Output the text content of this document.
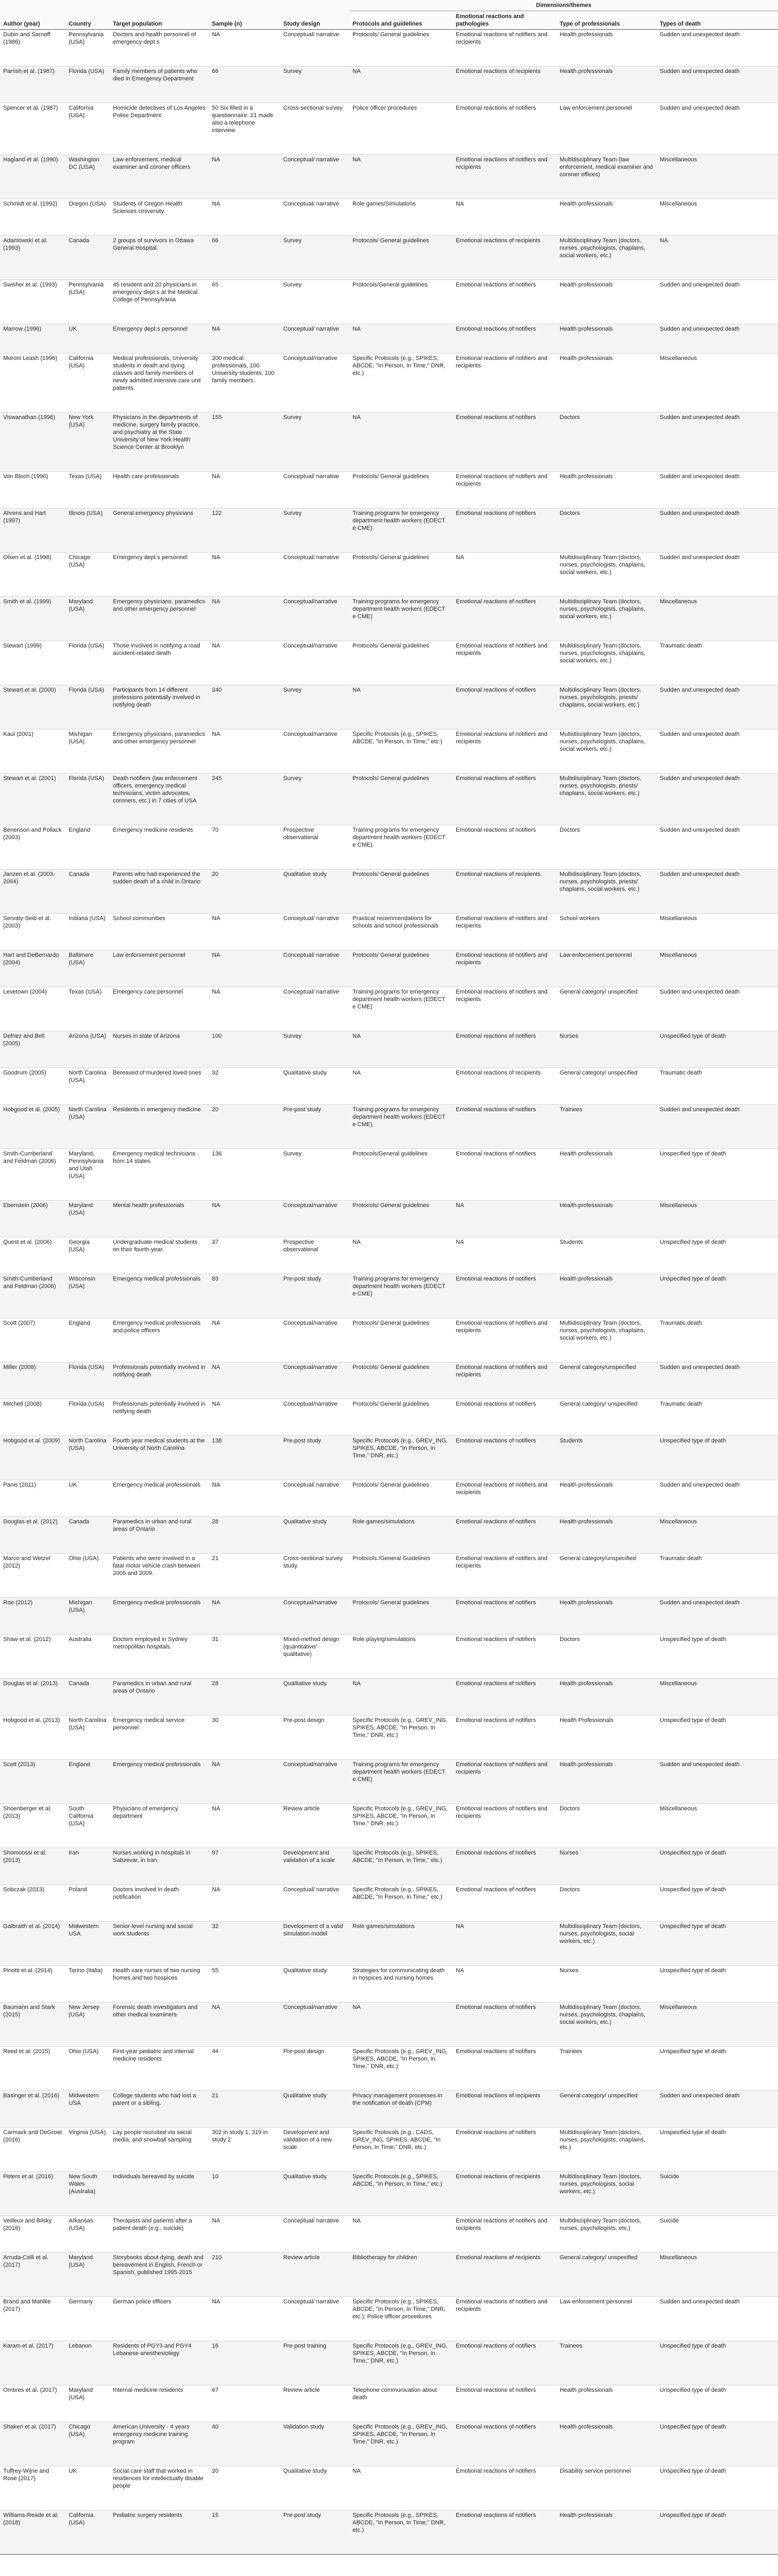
Author (year)	Country	Target population	Sample (n)	Study design	Dimensions/themes			
					Protocols and guidelines	Emotional reactions and pathologies	Type of professionals	Types of death
Dubin and Sarnoff (1986)	Pennsylvania (USA)	Doctors and health personnel of emergency dept.s	NA	Conceptual/ narrative	Protocols/ General guidelines	Emotional reactions of notifiers and recipients	Health professionals	Sudden and unexpected death
Parrish et al. (1987)	Florida (USA)	Family members of patients who died in Emergency Department	66	Survey	NA	Emotional reactions of recipients	Health professionals	Sudden and unexpected death
Spencer et al. (1987)	California (USA)	Homicide detectives of Los Angeles Police Department	50 Six filled in a questionnaire. 21 made also a telephone interview	Cross-sectional survey	Police officer procedures	Emotional reactions of notifiers	Law enforcement personnel	Sudden and unexpected death
Hagland et al. (1990)	Washington DC (USA)	Law enforcement, medical examiner and coroner officers	NA	Conceptual/ narrative	NA	Emotional reactions of notifiers and recipients	Multidisciplinary Team (law enforcement, medical examiner and coroner offices)	Miscellaneous
Schmidt et al. (1992)	Oregon (USA)	Students of Oregon Health Sciences University	NA	Conceptual/ narrative	Role games/Simulations	NA	Health professionals	Miscellaneous
Adamowski et al. (1993)	Canada	2 groups of survivors in Ottawa General Hospital.	66	Survey	Protocols/ General guidelines	Emotional reactions of recipients	Multidisciplinary Team (doctors, nurses, psychologists, chaplains, social workers, etc.)	NA
Swisher et al. (1993)	Pennsylvania (USA)	45 resident and 20 physicians in emergency dept.s at the Medical College of Pennsylvania	65	Survey	Protocols/General guidelines	Emotional reactions of notifiers	Health professionals	Sudden and unexpected death
Marrow (1996)	UK	Emergency dept.s personnel	NA	Conceptual/ narrative	NA	Emotional reactions of notifiers	Health professionals	Sudden and unexpected death
Moroni Leash (1996)	California (USA)	Medical professionals, University students in death and dying classes and family members of newly admitted intensive care unit patients.	200 medical professionals, 100 University students, 100 family members.	Conceptual/narrative	Specific Protocols (e.g., SPIKES, ABCDE, "In Person, In Time," DNR, etc.)	Emotional reactions of notifiers and recipients	Health professionals	Miscellaneous
Viswanathan (1996)	New York (USA)	Physicians in the departments of medicine, surgery family practice, and psychiatry at the State University of New York Health Science Center at Brooklyn	155	Survey	NA	Emotional reactions of notifiers	Doctors	Sudden and unexpected death
Von Bloch (1996)	Texas (USA)	Health care professionals	NA	Conceptual/ narrative	Protocols/ General guidelines	Emotional reactions of notifiers and recipients	Health professionals	Sudden and unexpected death
Ahrens and Hart (1997)	Illinois (USA)	General emergency physicians	122	Survey	Training programs for emergency department health workers (EDECT e CME)	Emotional reactions of notifiers	Doctors	Sudden and unexpected death
Olsen et al. (1998)	Chicago (USA)	Emergency dept.s personnel	NA	Conceptual/ narrative	Protocols/ General guidelines	NA	Multidisciplinary Team (doctors, nurses, psychologists, chaplains, social workers, etc.)	Sudden and unexpected death
Smith et al. (1999)	Maryland (USA)	Emergency physicians, paramedics and other emergency personnel	NA	Conceptual/narrative	Training programs for emergency department health workers (EDECT e CME)	Emotional reactions of notifiers	Multidisciplinary Team (doctors, nurses, psychologists, chaplains, social workers, etc.)	Miscellaneous
Stewart (1999)	Florida (USA)	Those involved in notifying a road accident-related death	NA	Conceptual/narrative	Protocols/ General guidelines	Emotional reactions of notifiers and recipients	Multidisciplinary Team (doctors, nurses, psychologists, chaplains, social workers, etc.)	Traumatic death
Stewart et al. (2000)	Florida (USA)	Participants from 14 different professions potentially involved in notifying death	240	Survey	NA	Emotional reactions of notifiers	Multidisciplinary Team (doctors, nurses, psychologists, priests/ chaplains, social workers, etc.)	Sudden and unexpected death
Kaul (2001)	Michigan (USA)	Emergency physicians, paramedics and other emergency personnel	NA	Conceptual/narrative	Specific Protocols (e.g., SPIKES, ABCDE, "In Person, In Time," etc.)	Emotional reactions of notifiers and recipients	Multidisciplinary Team (doctors, nurses, psychologists, chaplains, social workers, etc.)	Sudden and unexpected death
Stewart et al. (2001)	Florida (USA)	Death notifiers (law enforcement officers, emergency medical technicians, victim advocates, coroners, etc.) in 7 cities of USA	245	Survey	Protocols/ General guidelines	Emotional reactions of notifiers	Multidisciplinary Team (doctors, nurses, psychologists, priests/ chaplains, social workers, etc.)	Sudden and unexpected death
Benenson and Pollack (2003)	England	Emergency medicine residents	70	Prospective observational	Training programs for emergency department health workers (EDECT e CME)	Emotional reactions of notifiers	Doctors	Sudden and unexpected death
Janzen et al. (2003-2004)	Canada	Parents who had experienced the sudden death of a child in Ontario	20	Qualitative study	Protocols/ General guidelines	Emotional reactions of recipients	Multidisciplinary Team (doctors, nurses, psychologists, priests/ chaplains, social workers, etc.)	Sudden and unexpected death
Servaty-Seib et al. (2003)	Indiana (USA)	School communities	NA	Conceptual/ narrative	Practical recommendations for schools and school professionals	Emotional reactions of notifiers and recipients	School workers	Miscellaneous
Hart and DeBernardo (2004)	Baltimore (USA)	Law enforcement personnel	NA	Conceptual/ narrative	Protocols/ General guidelines	Emotional reactions of notifiers and recipients	Law enforcement personnel	Miscellaneous
Levetown (2004)	Texas (USA)	Emergency care personnel	NA	Conceptual/ narrative	Training programs for emergency department health workers (EDECT e CME)	Emotional reactions of notifiers and recipients	General category/ unspecified	Sudden and unexpected death
Defriez and Bell (2005)	Arizona (USA)	Nurses in state of Arizona	100	Survey	NA	Emotional reactions of notifiers	Nurses	Unspecified type of death
Goodrum (2005)	North Carolina (USA)	Bereaved of murdered loved ones	32	Qualitative study	NA	Emotional reactions of recipients	General category/ unspecified	Traumatic death
Hobgood et al. (2005)	North Carolina (USA)	Residents in emergency medicine	20	Pre-post study	Training programs for emergency department health workers (EDECT e CME)	Emotional reactions of notifiers	Trainees	Sudden and unexpected death
Smith-Cumberland and Feldman (2006)	Maryland, Pennsylvania and Utah (USA)	Emergency medical technicians from 14 states.	136	Survey	Protocols/General guidelines	Emotional reactions of notifiers	Health professionals	Unspecified type of death
Ebenstein (2006)	Maryland (USA)	Mental health professionals	NA	Conceptual/narrative	Protocols/ General guidelines	NA	Health professionals	Miscellaneous
Quest et al. (2006)	Georgia (USA)	Undergraduate medical students on their fourth-year.	37	Prospective observational	NA	NA	Students	Unspecified type of death
Smith-Cumberland and Feldman (2006)	Wisconsin (USA)	Emergency medical professionals	83	Pre-post study	Training programs for emergency department health workers (EDECT e CME)	Emotional reactions of notifiers	Health professionals	Unspecified type of death
Scott (2007)	England	Emergency medical professionals and police officers	NA	Conceptual/narrative	Protocols/ General guidelines	Emotional reactions of notifiers and recipients	Multidisciplinary Team (doctors, nurses, psychologists, chaplains, social workers, etc.)	Traumatic death
Miller (2008)	Florida (USA)	Professionals potentially involved in notifying death	NA	Conceptual/narrative	Protocols/ General guidelines	Emotional reactions of notifiers and recipients	General category/unspecified	Sudden and unexpected death
Mitchell (2008)	Florida (USA)	Professionals potentially involved in notifying death	NA	Conceptual/narrative	Protocols/ General guidelines	Emotional reactions of notifiers	General category/ unspecified	Traumatic death
Hobgood et al. (2009)	North Carolina (USA)	Fourth year medical students at the University of North Carolina	138	Pre-post study	Specific Protocols (e.g., GREV_ING, SPIKES, ABCDE, "In Person, In Time," DNR, etc.)	Emotional reactions of notifiers	Students	Unspecified type of death
Panis (2011)	UK	Emergency medical professionals	NA	Conceptual/ narrative	Protocols/ General guidelines	Emotional reactions of notifiers and recipients	Health professionals	Sudden and unexpected death
Douglas et al. (2012)	Canada	Paramedics in urban and rural areas of Ontario	28	Qualitative study	Role games/simulations	Emotional reactions of notifiers	Health professionals	Miscellaneous
Marco and Wetzel (2012)	Ohio (USA)	Patients who were involved in a fatal motor vehicle crash between 2005 and 2009.	21	Cross-sectional survey study	Protocols /General Guidelines	Emotional reactions of notifiers and recipients	General category/unspecified	Traumatic death
Roe (2012)	Michigan (USA)	Emergency medical professionals	NA	Conceptual/narrative	Protocols/ General guidelines	Emotional reactions of notifiers	Health professionals	Sudden and unexpected death
Shaw et al. (2012)	Australia	Doctors employed in Sydney metropolitan hospitals.	31	Mixed-method design (quantitative/ qualitative)	Role playing/simulations	Emotional reactions of notifiers	Doctors	Unspecified type of death
Douglas et al. (2013)	Canada	Paramedics in urban and rural areas of Ontario	28	Qualitative study	NA	Emotional reactions of notifiers	Health professionals	Miscellaneous
Hobgood et al. (2013)	North Carolina (USA)	Emergency medical service personnel	30	Pre-post design	Specific Protocols (e.g., GREV_ING, SPIKES, ABCDE, "In Person, In Time," DNR, etc.)	Emotional reactions of notifiers	Health Professionals	Unspecified type of death
Scott (2013)	England	Emergency medical professionals	NA	Conceptual/narrative	Training programs for emergency department health workers (EDECT e CME)	Emotional reactions of notifiers and recipients	Health professionals	Sudden and unexpected death
Shoenberger et al. (2013)	South California (USA)	Physicians of emergency department	NA	Review article	Specific Protocols (e.g., GREV_ING, SPIKES, ABCDE, "In Person, In Time," DNR, etc.)	Emotional reactions of notifiers and recipients	Doctors	Miscellaneous
Shomoossi et al. (2013)	Iran	Nurses working in hospitals in Sabzevar, in Iran.	97	Development and validation of a scale	Specific Protocols (e.g., SPIKES, ABCDE, "In Person, In Time," etc.)	Emotional reactions of notifiers	Nurses	Unspecified type of death
Sobczak (2013)	Poland	Doctors involved in death notification	NA	Conceptual/ narrative	Specific Protocols (e.g., SPIKES, ABCDE, "In Person, In Time," etc.)	Emotional reactions of notifiers	Doctors	Unspecified type of death
Galbraith et al. (2014)	Midwestern USA	Senior-level nursing and social work students	32	Development of a valid simulation model	Role games/simulations	NA	Multidisciplinary Team (doctors, nurses, psychologists, social workers, etc.)	Unspecified type of death
Pinotti et al. (2014)	Torino (Italia)	Health care nurses of two nursing homes and two hospices	55	Qualitative study	Strategies for communicating death in hospices and nursing homes	NA	Nurses	Unspecified type of death
Baumann and Stark (2015)	New Jersey (USA)	Forensic death investigators and other medical examiners	NA	Conceptual/narrative	NA	Emotional reactions of notifiers	Multidisciplinary Team (doctors, nurses, psychologists, chaplains, social workers, etc.)	Miscellaneous
Reed et al. (2015)	Ohio (USA)	First-year pediatric and internal medicine residents	44	Pre-post design	Specific Protocols (e.g., GREV_ING, SPIKES, ABCDE, "In Person, In Time," DNR, etc.)	Emotional reactions of notifiers	Trainees	Unspecified type of death
Basinger et al. (2016)	Midwestern USA	College students who had lost a parent or a sibling.	21	Qualitative study	Privacy management processes in the notification of death (CPM)	Emotional reactions of recipients	General category/ unspecified	Sudden and unexpected death
Carmack and DeGroot (2016)	Virginia (USA)	Lay people recruited via social media, and snowball sampling	302 in study 1; 319 in study 2	Development and validation of a new scale	Specific Protocols (e.g., CADS, GREV_ING, SPIKES, ABCDE, "In Person, In Time," DNR, etc.)	Emotional reactions of notifiers	Multidisciplinary Team (doctors, nurses, psychologists, chaplains, etc.)	Unspecified type of death
Peters et al. (2016)	New South Wales (Australia)	Individuals bereaved by suicide	10	Qualitative study	Specific Protocols (e.g., SPIKES, ABCDE, "In Person, In Time," etc.)	Emotional reactions of recipients	Multidisciplinary Team (doctors, nurses, psychologists, social workers, etc.)	Suicide
Veilleux and Bilsky (2016)	Arkansas (USA)	Therapists and patients after a patient death (e.g., suicide)	NA	Conceptual/ narrative	NA	Emotional reactions of notifiers and recipients	Multidisciplinary Team (doctors, nurses, psychologists, etc.)	Suicide
Arruda-Colli et al. (2017)	Maryland (USA)	Storybooks about dying, death and bereavement in English, French or Spanish, published 1995-2015	210	Review article	Bibliotherapy for children	Emotional reactions of recipients	General category/ unspecified	Miscellaneous
Brand and Mahlke (2017)	Germany	German police officers	NA	Conceptual/ narrative	Specific Protocols (e.g., SPIKES, ABCDE, "In Person, In Time," DNR, etc.); Police officer procedures	Emotional reactions of notifiers and recipients	Law enforcement personnel	Sudden and unexpected death
Karam et al. (2017)	Lebanon	Residents of PGY3 and PGY4 Lebanese anesthesiology	16	Pre-post training	Specific Protocols (e.g., GREV_ING, SPIKES, ABCDE, "In Person, In Time," DNR, etc.)	Emotional reactions of notifiers	Trainees	Unspecified type of death
Ombres et al. (2017)	Maryland (USA)	Internal medicine residents	67	Review article	Telephone communication about death	Emotional reactions of notifiers	Health professionals	Unspecified type of death
Shakeri et al. (2017)	Chicago (USA)	American University - 4 years emergency medicine training program	40	Validation study	Specific Protocols (e.g., GREV_ING, SPIKES, ABCDE, "In Person, In Time," DNR, etc.)	Emotional reactions of notifiers	Health professionals	Unspecified type of death
Tuffrey-Wijne and Rose (2017)	UK	Social care staff that worked in residences for intellectually disable people	20	Qualitative study	NA	Emotional reactions of notifiers	Disability service personnel	Unspecified type of death
Williams-Reade et al. (2018)	California (USA)	Pediatric surgery residents	15	Pre-post study	Specific Protocols (e.g., SPIKES, ABCDE, "In Person, In Time," DNR, etc.)	Emotional reactions of notifiers	Health professionals	Unspecified type of death
